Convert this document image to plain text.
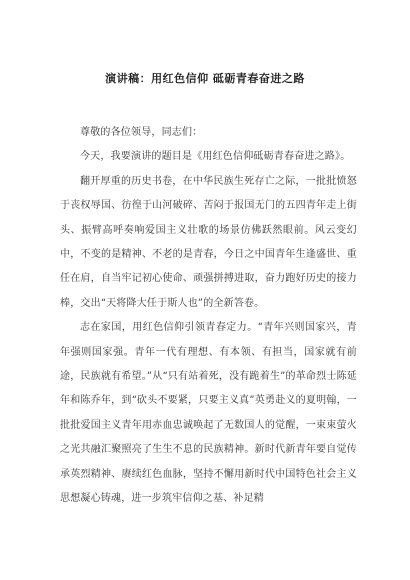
演讲稿：用红色信仰 砥砺青春奋进之路

尊敬的各位领导，同志们：

今天，我要演讲的题目是《用红色信仰砥砺青春奋进之路》。

翻开厚重的历史书卷，在中华民族生死存亡之际，一批批愤怒于丧权辱国、彷徨于山河破碎、苦闷于报国无门的五四青年走上街头、振臂高呼奏响爱国主义壮歌的场景仿佛跃然眼前。风云变幻中，不变的是精神、不老的是青春，今日之中国青年生逢盛世、重任在肩，自当牢记初心使命、顽强拼搏进取，奋力跑好历史的接力棒，交出“天将降大任于斯人也”的全新答卷。

志在家国，用红色信仰引领青春定力。“青年兴则国家兴，青年强则国家强。青年一代有理想、有本领、有担当，国家就有前途，民族就有希望。”从“只有站着死，没有跪着生”的革命烈士陈延年和陈乔年，到“砍头不要紧，只要主义真”英勇赴义的夏明翰，一批批爱国主义青年用赤血忠诚唤起了无数国人的觉醒，一束束萤火之光共融汇聚照亮了生生不息的民族精神。新时代新青年要自觉传承英烈精神、赓续红色血脉，坚持不懈用新时代中国特色社会主义思想凝心铸魂，进一步筑牢信仰之基、补足精
